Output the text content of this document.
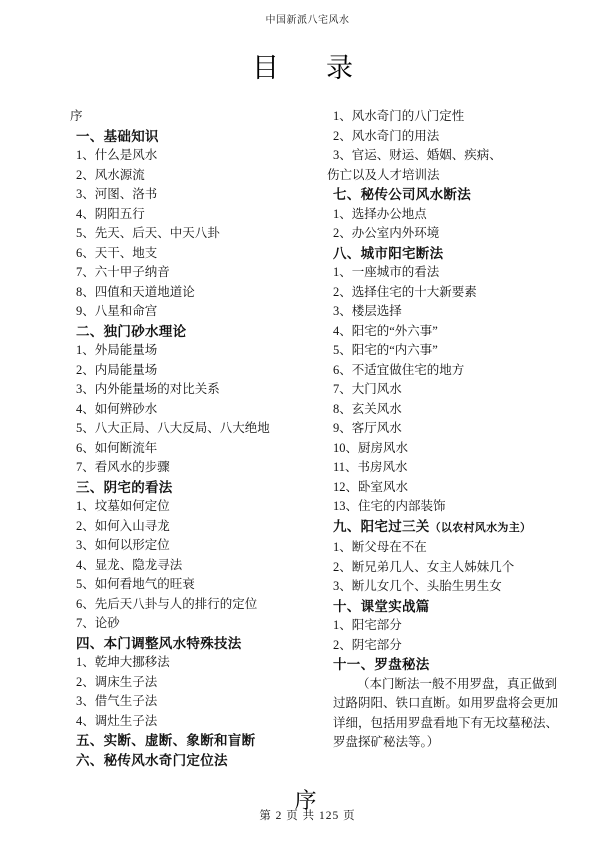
中国新派八宅风水
目　录
序
一、基础知识
1、什么是风水
2、风水源流
3、河图、洛书
4、阴阳五行
5、先天、后天、中天八卦
6、天干、地支
7、六十甲子纳音
8、四值和天道地道论
9、八星和命宫
二、独门砂水理论
1、外局能量场
2、内局能量场
3、内外能量场的对比关系
4、如何辨砂水
5、八大正局、八大反局、八大绝地
6、如何断流年
7、看风水的步骤
三、阴宅的看法
1、坟墓如何定位
2、如何入山寻龙
3、如何以形定位
4、显龙、隐龙寻法
5、如何看地气的旺衰
6、先后天八卦与人的排行的定位
7、论砂
四、本门调整风水特殊技法
1、乾坤大挪移法
2、调床生子法
3、借气生子法
4、调灶生子法
五、实断、虚断、象断和盲断
六、秘传风水奇门定位法
1、风水奇门的八门定性
2、风水奇门的用法
3、官运、财运、婚姻、疾病、
伤亡以及人才培训法
七、秘传公司风水断法
1、选择办公地点
2、办公室内外环境
八、城市阳宅断法
1、一座城市的看法
2、选择住宅的十大新要素
3、楼层选择
4、阳宅的“外六事”
5、阳宅的“内六事”
6、不适宜做住宅的地方
7、大门风水
8、玄关风水
9、客厅风水
10、厨房风水
11、书房风水
12、卧室风水
13、住宅的内部装饰
九、阳宅过三关（以农村风水为主）
1、断父母在不在
2、断兄弟几人、女主人姊妹几个
3、断儿女几个、头胎生男生女
十、课堂实战篇
1、阳宅部分
2、阴宅部分
十一、罗盘秘法
（本门断法一般不用罗盘，真正做到
过路阴阳、铁口直断。如用罗盘将会更加
详细，包括用罗盘看地下有无坟墓秘法、
罗盘探矿秘法等。）
序
第 2 页 共 125 页
